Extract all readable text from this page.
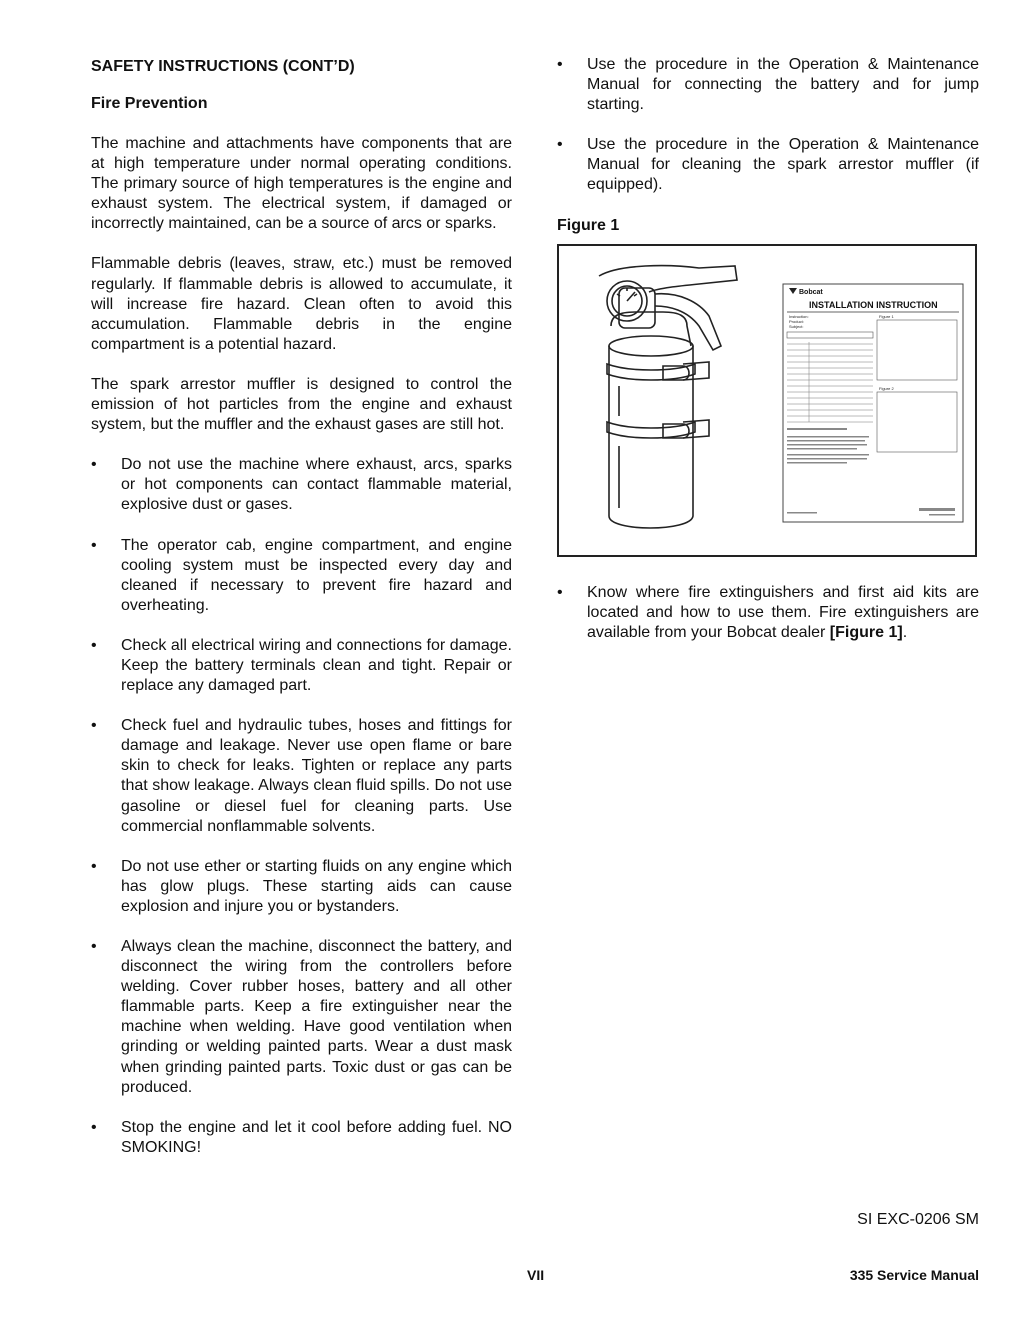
SAFETY INSTRUCTIONS (CONT’D)
Fire Prevention

The machine and attachments have components that are at high temperature under normal operating conditions. The primary source of high temperatures is the engine and exhaust system. The electrical system, if damaged or incorrectly maintained, can be a source of arcs or sparks.

Flammable debris (leaves, straw, etc.) must be removed regularly. If flammable debris is allowed to accumulate, it will increase fire hazard. Clean often to avoid this accumulation. Flammable debris in the engine compartment is a potential hazard.

The spark arrestor muffler is designed to control the emission of hot particles from the engine and exhaust system, but the muffler and the exhaust gases are still hot.

• Do not use the machine where exhaust, arcs, sparks or hot components can contact flammable material, explosive dust or gases.
• The operator cab, engine compartment, and engine cooling system must be inspected every day and cleaned if necessary to prevent fire hazard and overheating.
• Check all electrical wiring and connections for damage. Keep the battery terminals clean and tight. Repair or replace any damaged part.
• Check fuel and hydraulic tubes, hoses and fittings for damage and leakage. Never use open flame or bare skin to check for leaks. Tighten or replace any parts that show leakage. Always clean fluid spills. Do not use gasoline or diesel fuel for cleaning parts. Use commercial nonflammable solvents.
• Do not use ether or starting fluids on any engine which has glow plugs. These starting aids can cause explosion and injure you or bystanders.
• Always clean the machine, disconnect the battery, and disconnect the wiring from the controllers before welding. Cover rubber hoses, battery and all other flammable parts. Keep a fire extinguisher near the machine when welding. Have good ventilation when grinding or welding painted parts. Wear a dust mask when grinding painted parts. Toxic dust or gas can be produced.
• Stop the engine and let it cool before adding fuel. NO SMOKING!
• Use the procedure in the Operation & Maintenance Manual for connecting the battery and for jump starting.
• Use the procedure in the Operation & Maintenance Manual for cleaning the spark arrestor muffler (if equipped).
Figure 1
Bobcat
INSTALLATION INSTRUCTION
Instruction:
Product:
Subject:
Figure 1
Figure 2
• Know where fire extinguishers and first aid kits are located and how to use them. Fire extinguishers are available from your Bobcat dealer [Figure 1].
SI EXC-0206 SM
VII	335 Service Manual
